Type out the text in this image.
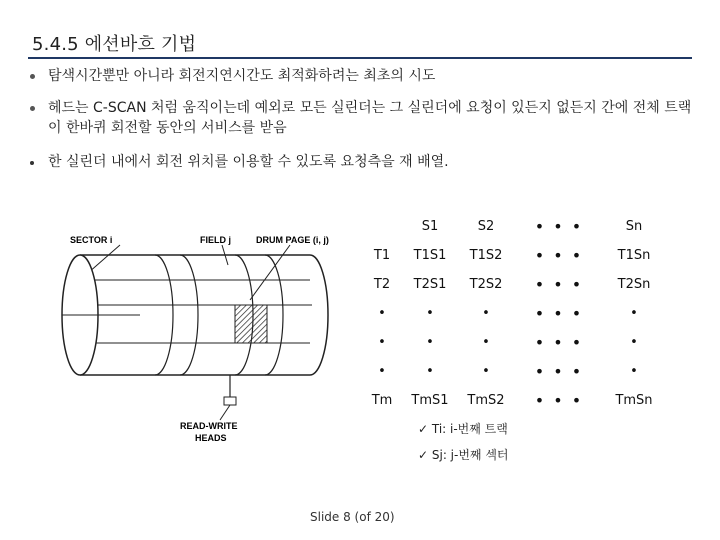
5.4.5 에션바흐 기법
탐색시간뿐만 아니라 회전지연시간도 최적화하려는 최초의 시도
헤드는 C-SCAN 처럼 움직이는데 예외로 모든 실린더는 그 실린더에 요청이 있든지 없든지 간에 전체 트랙이 한바퀴 회전할 동안의 서비스를 받음
한 실린더 내에서 회전 위치를 이용할 수 있도록 요청측을 재 배열.
SECTOR i	FIELD j	DRUM PAGE (i, j)
READ-WRITE
HEADS
	S1	S2	• • •	Sn
T1	T1S1	T1S2	• • •	T1Sn
T2	T2S1	T2S2	• • •	T2Sn
•	•	•	• • •	•
•	•	•	• • •	•
•	•	•	• • •	•
Tm	TmS1	TmS2	• • •	TmSn
✓ Ti: i-번째 트랙
✓ Sj: j-번째 섹터
Slide 8 (of 20)
